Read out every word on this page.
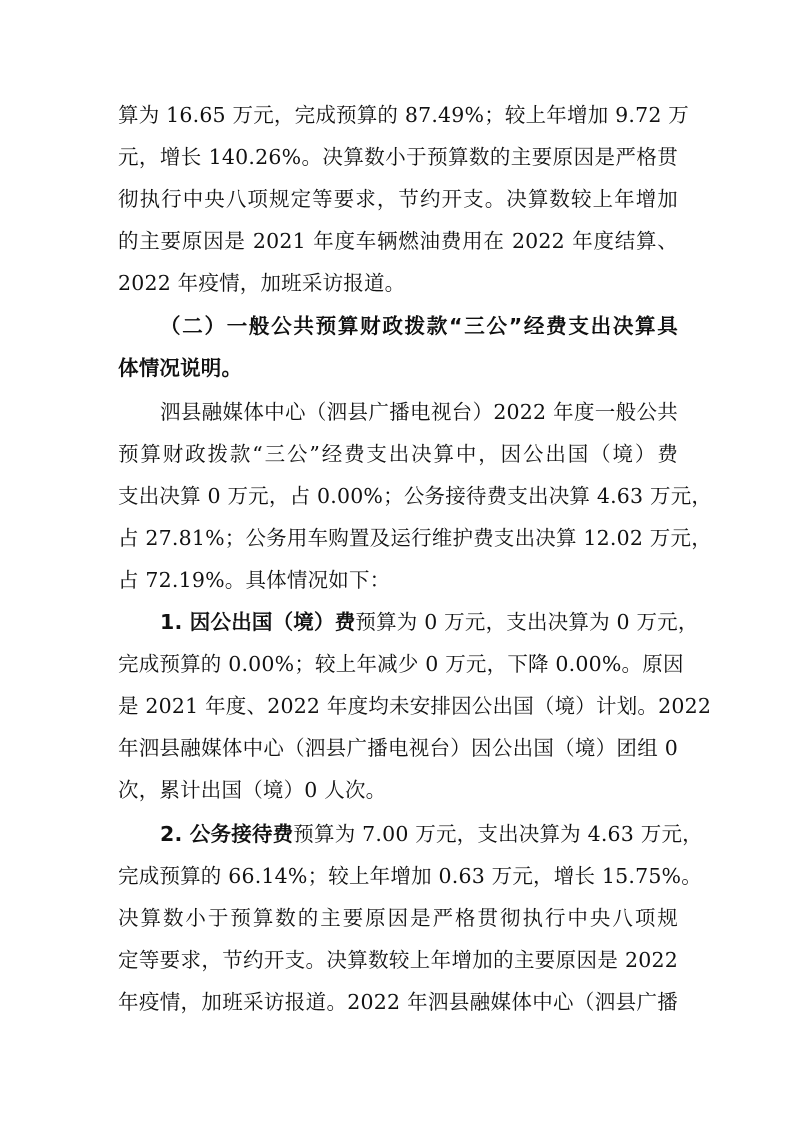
算为 16.65 万元，完成预算的 87.49%；较上年增加 9.72 万
元，增长 140.26%。决算数小于预算数的主要原因是严格贯
彻执行中央八项规定等要求，节约开支。决算数较上年增加
的主要原因是 2021 年度车辆燃油费用在 2022 年度结算、
2022 年疫情，加班采访报道。
（二）一般公共预算财政拨款“三公”经费支出决算具
体情况说明。
泗县融媒体中心（泗县广播电视台）2022 年度一般公共
预算财政拨款“三公”经费支出决算中，因公出国（境）费
支出决算 0 万元，占 0.00%；公务接待费支出决算 4.63 万元，
占 27.81%；公务用车购置及运行维护费支出决算 12.02 万元，
占 72.19%。具体情况如下：
1. 因公出国（境）费预算为 0 万元，支出决算为 0 万元，
完成预算的 0.00%；较上年减少 0 万元，下降 0.00%。原因
是 2021 年度、2022 年度均未安排因公出国（境）计划。2022
年泗县融媒体中心（泗县广播电视台）因公出国（境）团组 0
次，累计出国（境）0 人次。
2. 公务接待费预算为 7.00 万元，支出决算为 4.63 万元，
完成预算的 66.14%；较上年增加 0.63 万元，增长 15.75%。
决算数小于预算数的主要原因是严格贯彻执行中央八项规
定等要求，节约开支。决算数较上年增加的主要原因是 2022
年疫情，加班采访报道。2022 年泗县融媒体中心（泗县广播
